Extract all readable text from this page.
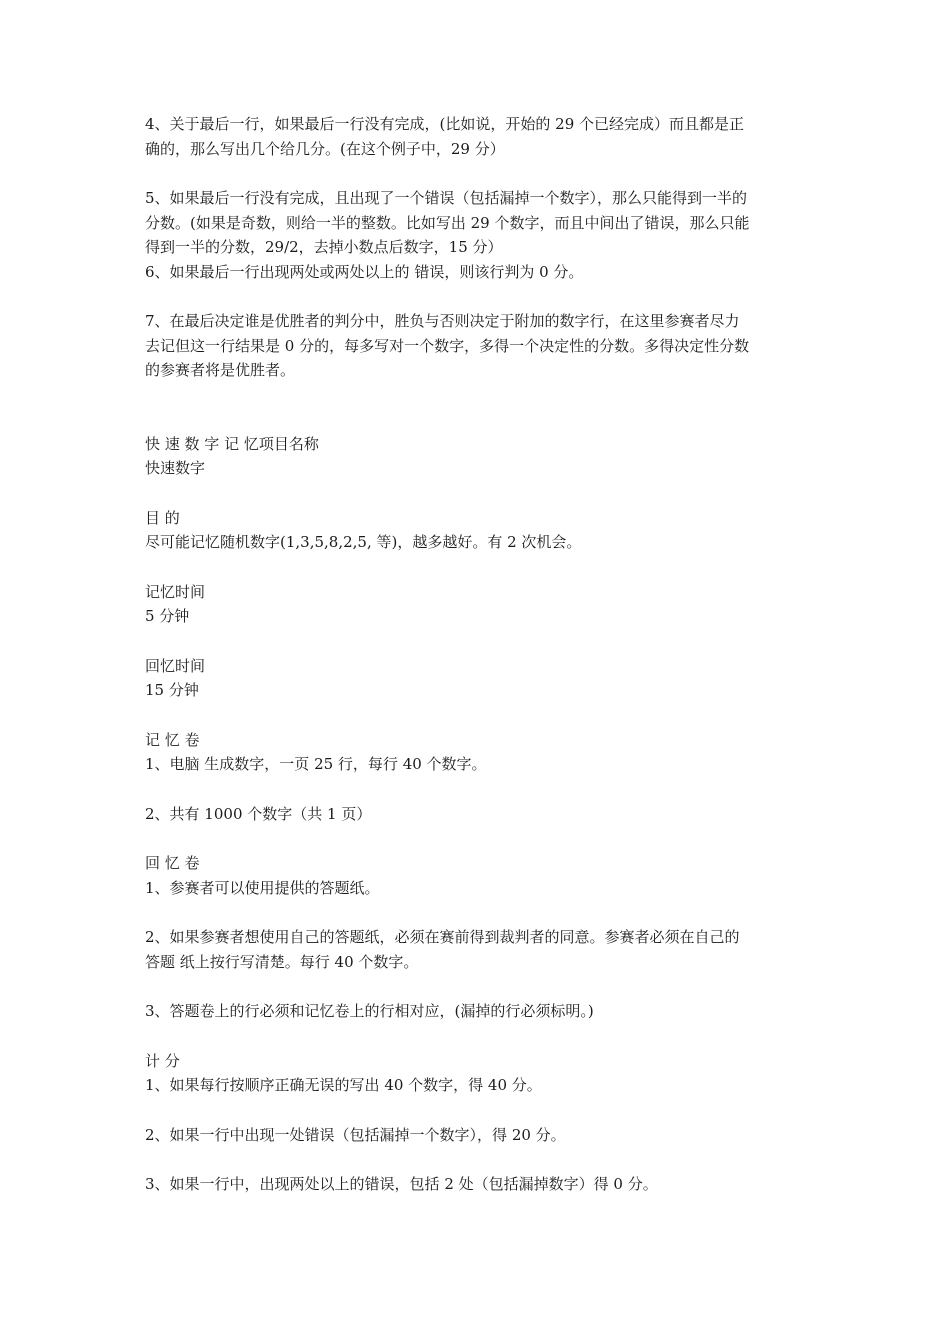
4、关于最后一行，如果最后一行没有完成，(比如说，开始的 29 个已经完成）而且都是正
确的，那么写出几个给几分。(在这个例子中，29 分）
5、如果最后一行没有完成，且出现了一个错误（包括漏掉一个数字），那么只能得到一半的
分数。(如果是奇数，则给一半的整数。比如写出 29 个数字，而且中间出了错误，那么只能
得到一半的分数，29/2，去掉小数点后数字，15 分）
6、如果最后一行出现两处或两处以上的 错误，则该行判为 0 分。
7、在最后决定谁是优胜者的判分中，胜负与否则决定于附加的数字行，在这里参赛者尽力
去记但这一行结果是 0 分的，每多写对一个数字，多得一个决定性的分数。多得决定性分数
的参赛者将是优胜者。
快 速 数 字 记 忆项目名称
快速数字
目 的
尽可能记忆随机数字(1,3,5,8,2,5, 等)，越多越好。有 2 次机会。
记忆时间
5 分钟
回忆时间
15 分钟
记 忆 卷
1、电脑 生成数字，一页 25 行，每行 40 个数字。
2、共有 1000 个数字（共 1 页）
回 忆 卷
1、参赛者可以使用提供的答题纸。
2、如果参赛者想使用自己的答题纸，必须在赛前得到裁判者的同意。参赛者必须在自己的
答题 纸上按行写清楚。每行 40 个数字。
3、答题卷上的行必须和记忆卷上的行相对应，(漏掉的行必须标明。)
计 分
1、如果每行按顺序正确无误的写出 40 个数字，得 40 分。
2、如果一行中出现一处错误（包括漏掉一个数字），得 20 分。
3、如果一行中，出现两处以上的错误，包括 2 处（包括漏掉数字）得 0 分。
